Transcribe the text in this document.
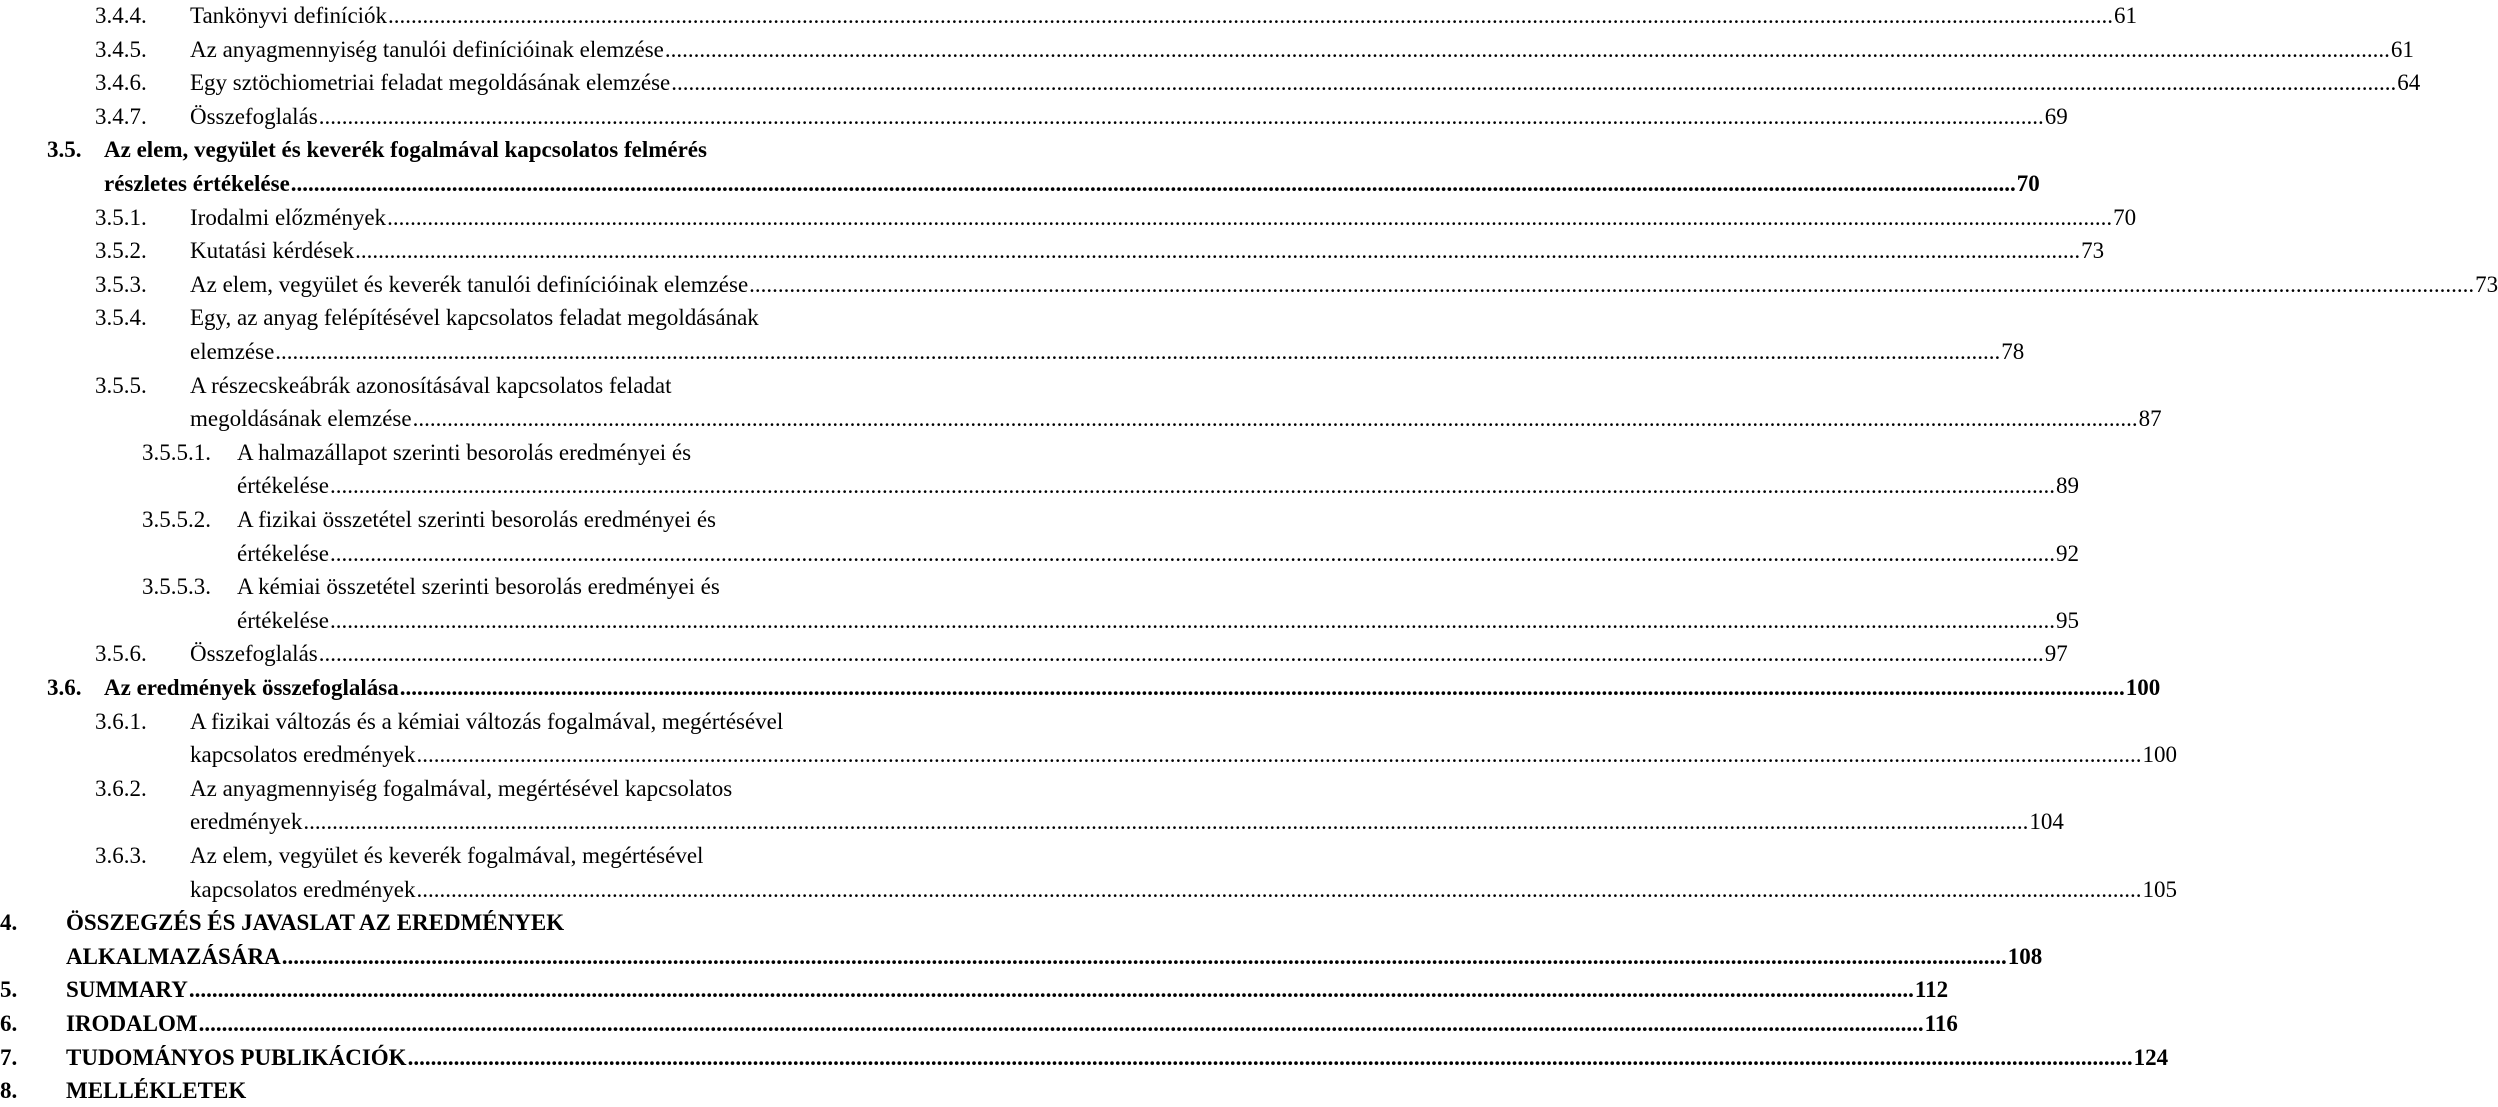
3.4.4. Tankönyvi definíciók ............................................................................................................................................................................................................................................................................................................ 61
3.4.5. Az anyagmennyiség tanulói definícióinak elemzése ............................................................................................................................................................................................................................................................................................................ 61
3.4.6. Egy sztöchiometriai feladat megoldásának elemzése ............................................................................................................................................................................................................................................................................................................ 64
3.4.7. Összefoglalás ............................................................................................................................................................................................................................................................................................................ 69
3.5. Az elem, vegyület és keverék fogalmával kapcsolatos felmérés
részletes értékelése ............................................................................................................................................................................................................................................................................................................ 70
3.5.1. Irodalmi előzmények ............................................................................................................................................................................................................................................................................................................ 70
3.5.2. Kutatási kérdések ............................................................................................................................................................................................................................................................................................................ 73
3.5.3. Az elem, vegyület és keverék tanulói definícióinak elemzése ............................................................................................................................................................................................................................................................................................................ 73
3.5.4. Egy, az anyag felépítésével kapcsolatos feladat megoldásának
elemzése ............................................................................................................................................................................................................................................................................................................ 78
3.5.5. A részecskeábrák azonosításával kapcsolatos feladat
megoldásának elemzése ............................................................................................................................................................................................................................................................................................................ 87
3.5.5.1. A halmazállapot szerinti besorolás eredményei és
értékelése ............................................................................................................................................................................................................................................................................................................ 89
3.5.5.2. A fizikai összetétel szerinti besorolás eredményei és
értékelése ............................................................................................................................................................................................................................................................................................................ 92
3.5.5.3. A kémiai összetétel szerinti besorolás eredményei és
értékelése ............................................................................................................................................................................................................................................................................................................ 95
3.5.6. Összefoglalás ............................................................................................................................................................................................................................................................................................................ 97
3.6. Az eredmények összefoglalása ............................................................................................................................................................................................................................................................................................................ 100
3.6.1. A fizikai változás és a kémiai változás fogalmával, megértésével
kapcsolatos eredmények ............................................................................................................................................................................................................................................................................................................ 100
3.6.2. Az anyagmennyiség fogalmával, megértésével kapcsolatos
eredmények ............................................................................................................................................................................................................................................................................................................ 104
3.6.3. Az elem, vegyület és keverék fogalmával, megértésével
kapcsolatos eredmények ............................................................................................................................................................................................................................................................................................................ 105
4. ÖSSZEGZÉS ÉS JAVASLAT AZ EREDMÉNYEK
ALKALMAZÁSÁRA ............................................................................................................................................................................................................................................................................................................ 108
5. SUMMARY ............................................................................................................................................................................................................................................................................................................ 112
6. IRODALOM ............................................................................................................................................................................................................................................................................................................ 116
7. TUDOMÁNYOS PUBLIKÁCIÓK ............................................................................................................................................................................................................................................................................................................ 124
8. MELLÉKLETEK
